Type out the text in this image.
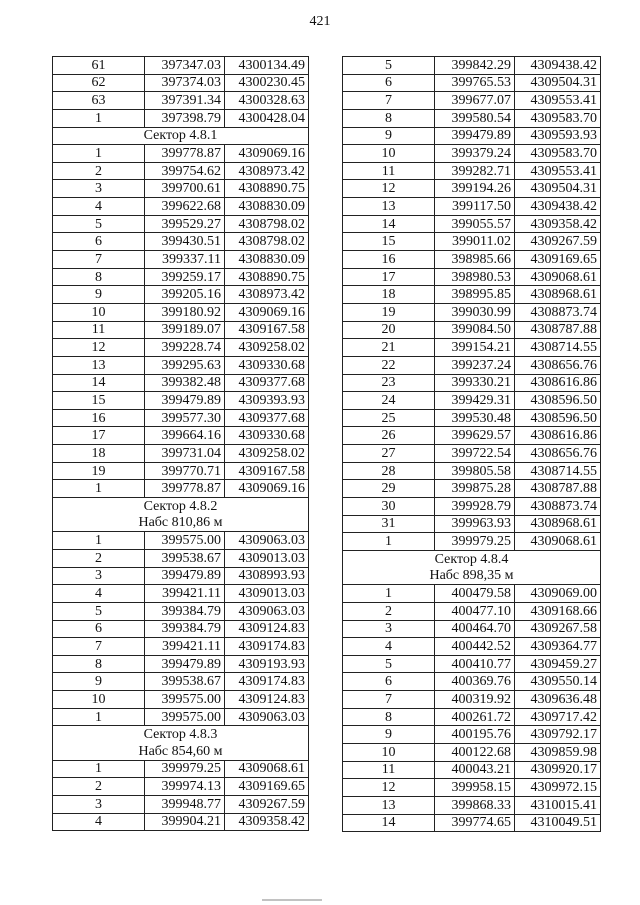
421
61	397347.03	4300134.49
62	397374.03	4300230.45
63	397391.34	4300328.63
1	397398.79	4300428.04
Сектор 4.8.1		
1	399778.87	4309069.16
2	399754.62	4308973.42
3	399700.61	4308890.75
4	399622.68	4308830.09
5	399529.27	4308798.02
6	399430.51	4308798.02
7	399337.11	4308830.09
8	399259.17	4308890.75
9	399205.16	4308973.42
10	399180.92	4309069.16
11	399189.07	4309167.58
12	399228.74	4309258.02
13	399295.63	4309330.68
14	399382.48	4309377.68
15	399479.89	4309393.93
16	399577.30	4309377.68
17	399664.16	4309330.68
18	399731.04	4309258.02
19	399770.71	4309167.58
1	399778.87	4309069.16
Сектор 4.8.2		
Набс 810,86 м		
1	399575.00	4309063.03
2	399538.67	4309013.03
3	399479.89	4308993.93
4	399421.11	4309013.03
5	399384.79	4309063.03
6	399384.79	4309124.83
7	399421.11	4309174.83
8	399479.89	4309193.93
9	399538.67	4309174.83
10	399575.00	4309124.83
1	399575.00	4309063.03
Сектор 4.8.3		
Набс 854,60 м		
1	399979.25	4309068.61
2	399974.13	4309169.65
3	399948.77	4309267.59
4	399904.21	4309358.42
5	399842.29	4309438.42
6	399765.53	4309504.31
7	399677.07	4309553.41
8	399580.54	4309583.70
9	399479.89	4309593.93
10	399379.24	4309583.70
11	399282.71	4309553.41
12	399194.26	4309504.31
13	399117.50	4309438.42
14	399055.57	4309358.42
15	399011.02	4309267.59
16	398985.66	4309169.65
17	398980.53	4309068.61
18	398995.85	4308968.61
19	399030.99	4308873.74
20	399084.50	4308787.88
21	399154.21	4308714.55
22	399237.24	4308656.76
23	399330.21	4308616.86
24	399429.31	4308596.50
25	399530.48	4308596.50
26	399629.57	4308616.86
27	399722.54	4308656.76
28	399805.58	4308714.55
29	399875.28	4308787.88
30	399928.79	4308873.74
31	399963.93	4308968.61
1	399979.25	4309068.61
Сектор 4.8.4		
Набс 898,35 м		
1	400479.58	4309069.00
2	400477.10	4309168.66
3	400464.70	4309267.58
4	400442.52	4309364.77
5	400410.77	4309459.27
6	400369.76	4309550.14
7	400319.92	4309636.48
8	400261.72	4309717.42
9	400195.76	4309792.17
10	400122.68	4309859.98
11	400043.21	4309920.17
12	399958.15	4309972.15
13	399868.33	4310015.41
14	399774.65	4310049.51
